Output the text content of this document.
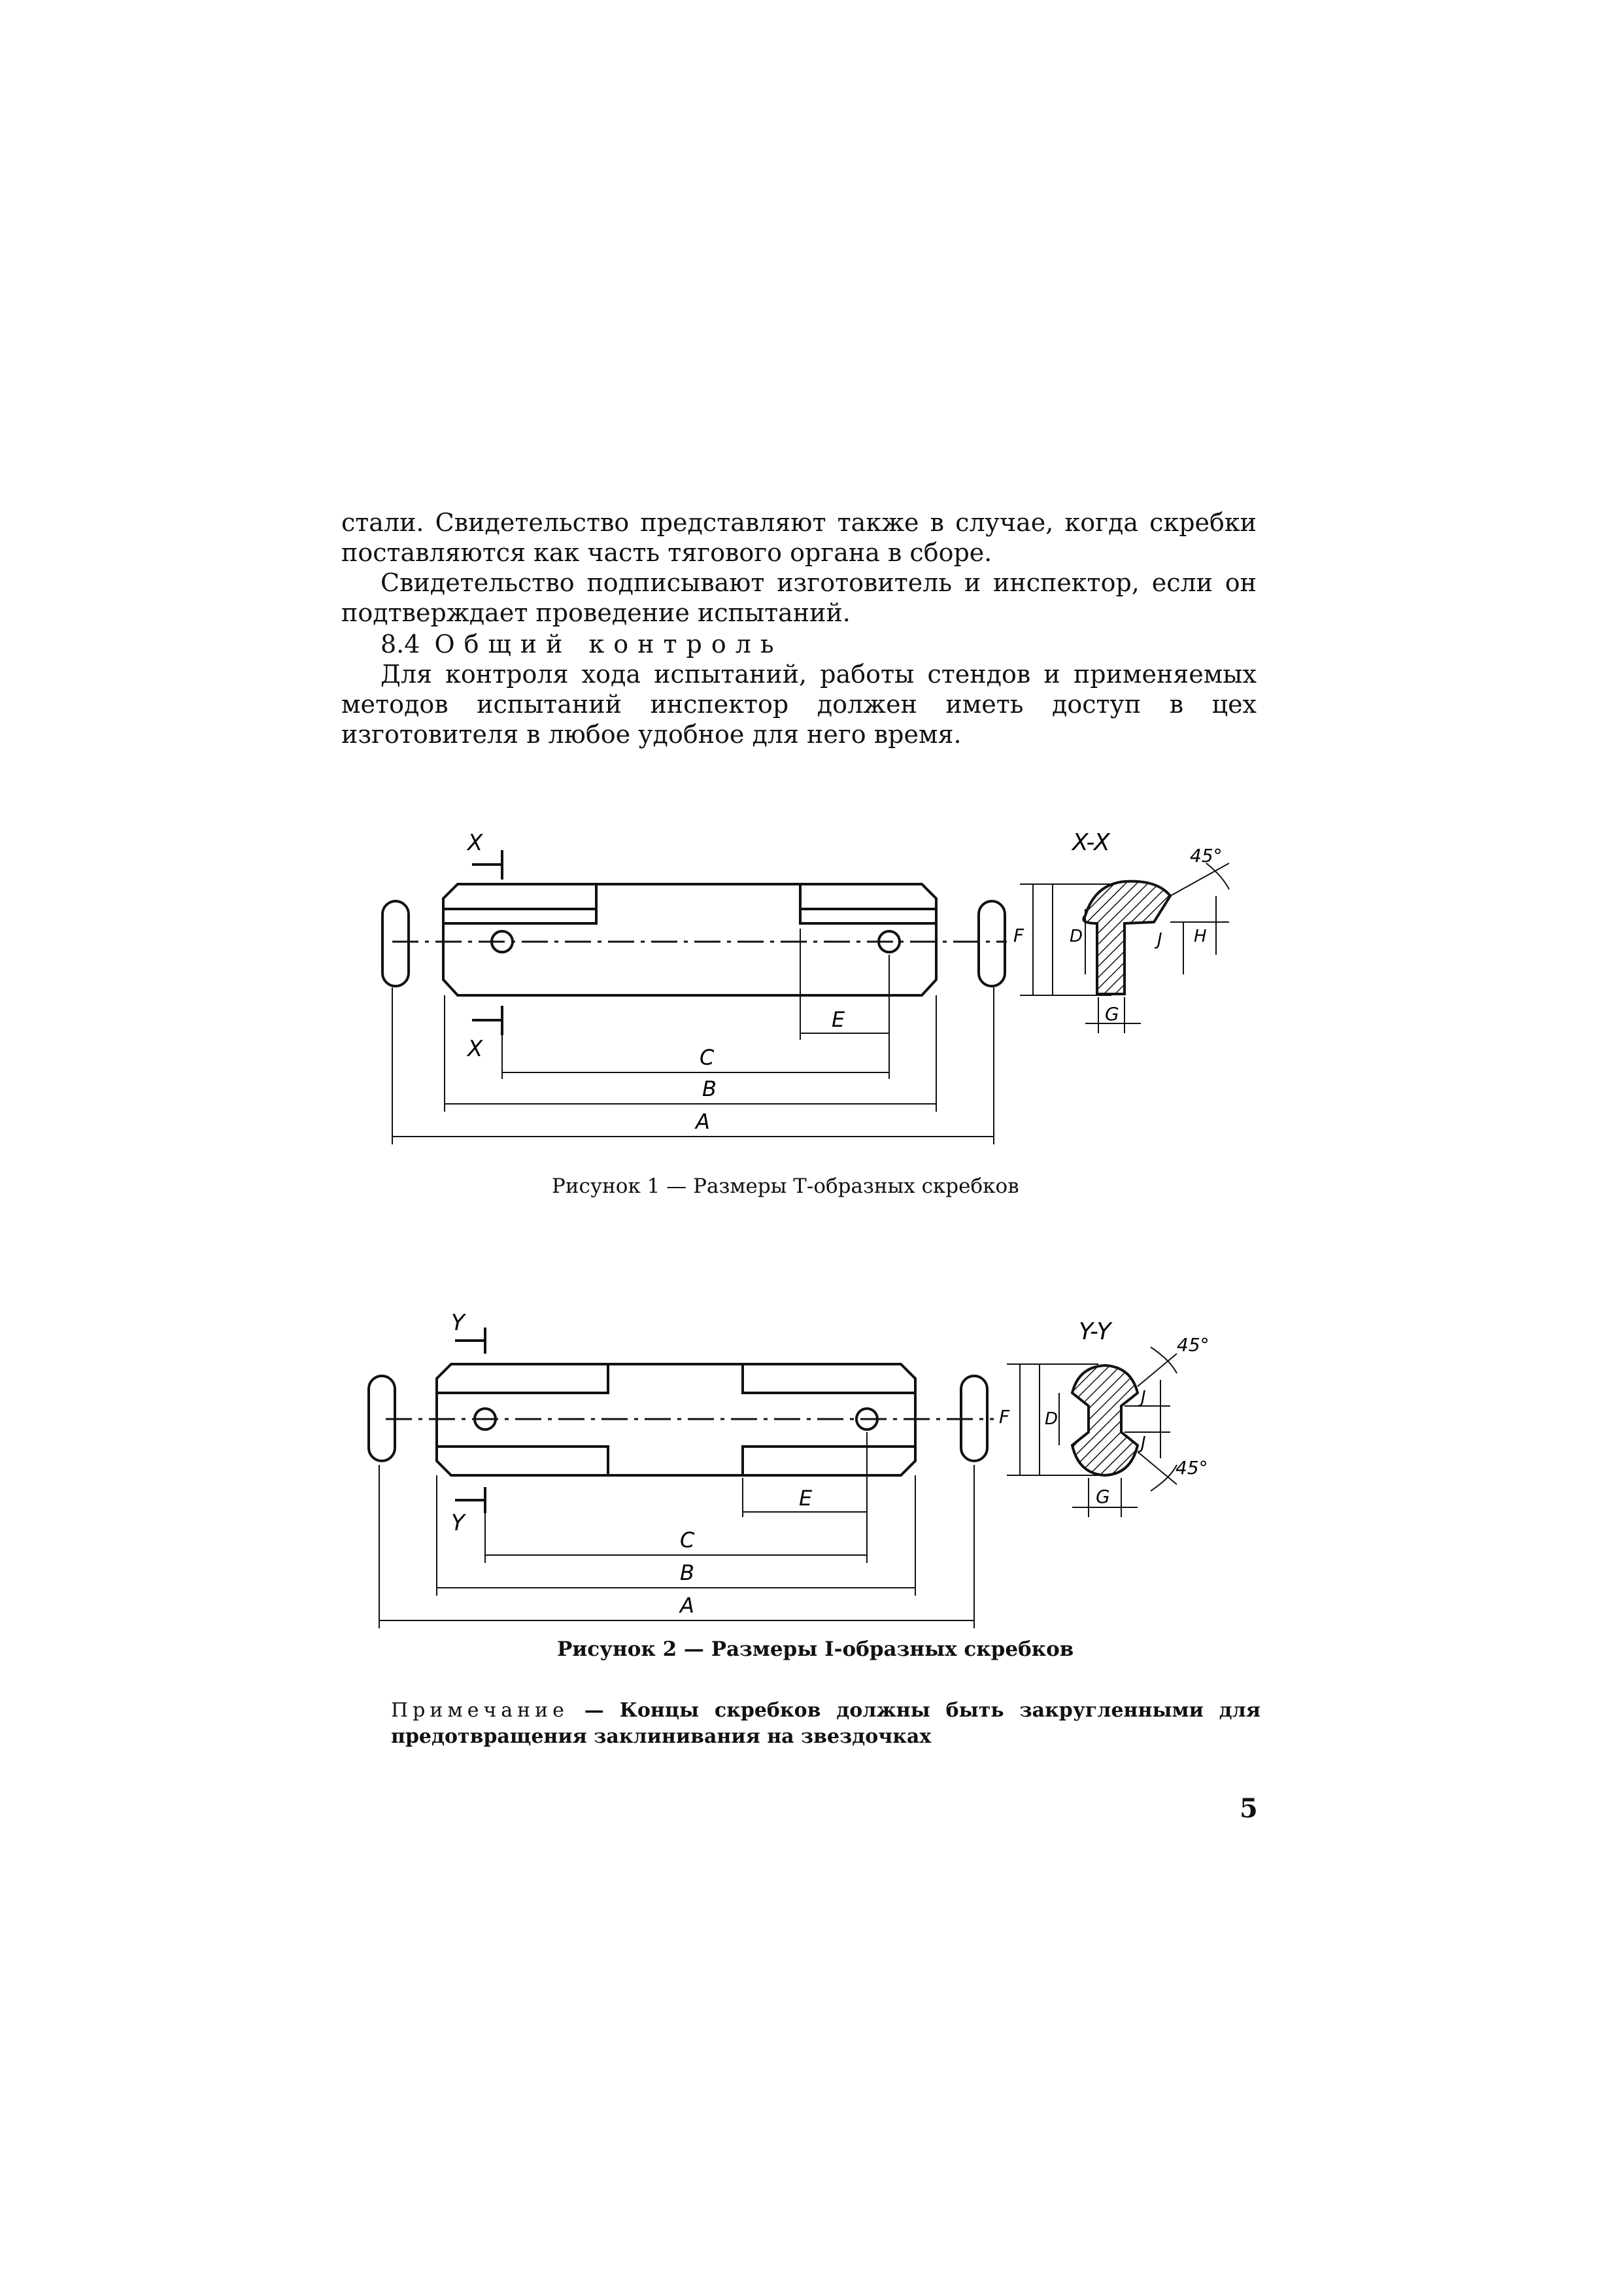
стали. Свидетельство представляют также в случае, когда скребки поставляются как часть тягового органа в сборе.

Свидетельство подписывают изготовитель и инспектор, если он подтверждает проведение испытаний.

8.4 Общий контроль

Для контроля хода испытаний, работы стендов и применяемых методов испытаний инспектор должен иметь доступ в цех изготовителя в любое удобное для него время.

X
X
E
C
B
A
X-X	45°
F	D	J H
G
Y
Y
E
C
B
A
Y-Y	45°
45°
F D
J
J
G
Рисунок 1 — Размеры Т-образных скребков
Рисунок 2 — Размеры I-образных скребков
Примечание — Концы скребков должны быть закругленными для предотвращения заклинивания на звездочках
5
